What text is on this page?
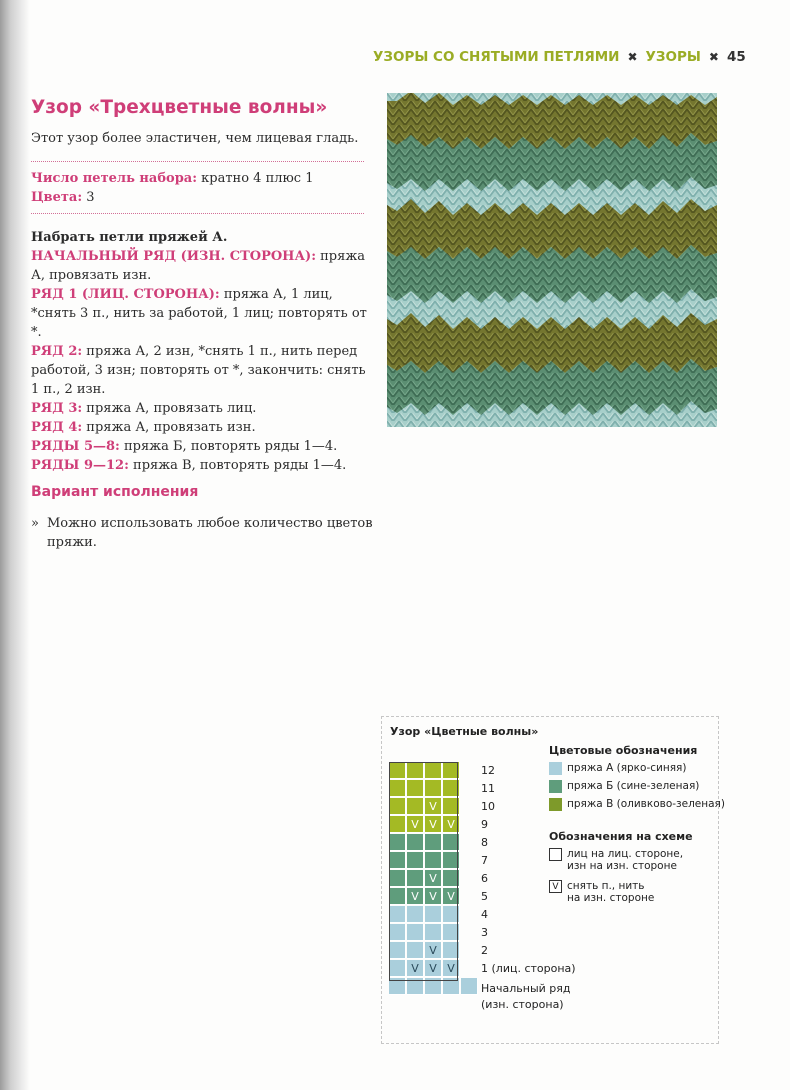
УЗОРЫ СО СНЯТЫМИ ПЕТЛЯМИ ✖ УЗОРЫ ✖ 45
Узор «Трехцветные волны»
Этот узор более эластичен, чем лицевая гладь.
Число петель набора: кратно 4 плюс 1
Цвета: 3

Набрать петли пряжей А.

НАЧАЛЬНЫЙ РЯД (ИЗН. СТОРОНА): пряжа А, провязать изн.

РЯД 1 (ЛИЦ. СТОРОНА): пряжа А, 1 лиц, *снять 3 п., нить за работой, 1 лиц; повторять от *.

РЯД 2: пряжа А, 2 изн, *снять 1 п., нить перед работой, 3 изн; повторять от *, закончить: снять 1 п., 2 изн.

РЯД 3: пряжа А, провязать лиц.

РЯД 4: пряжа А, провязать изн.

РЯДЫ 5—8: пряжа Б, повторять ряды 1—4.

РЯДЫ 9—12: пряжа В, повторять ряды 1—4.

Вариант исполнения
» Можно использовать любое количество цветов пряжи.
Узор «Цветные волны»
V
V V V
V
V V V
V
V V V
12
11
10
9
8
7
6
5
4
3
2
1 (лиц. сторона)
Начальный ряд
(изн. сторона)
Цветовые обозначения
пряжа А (ярко-синяя)
пряжа Б (сине-зеленая)
пряжа В (оливково-зеленая)
Обозначения на схеме
лиц на лиц. стороне,
изн на изн. стороне
V снять п., нить
на изн. стороне
